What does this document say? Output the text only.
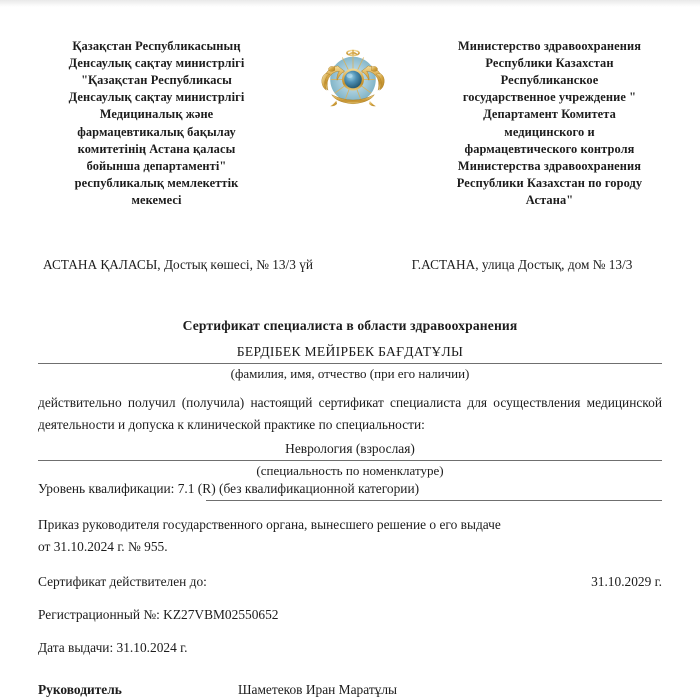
Қазақстан Республикасының
Денсаулық сақтау министрлігі
"Қазақстан Республикасы
Денсаулық сақтау министрлігі
Медициналық және
фармацевтикалық бақылау
комитетінің Астана қаласы
бойынша департаменті"
республикалық мемлекеттік
мекемесі
Министерство здравоохранения
Республики Казахстан
Республиканское
государственное учреждение "
Департамент Комитета
медицинского и
фармацевтического контроля
Министерства здравоохранения
Республики Казахстан по городу
Астана"
АСТАНА ҚАЛАСЫ, Достық көшесі, № 13/3 үй	Г.АСТАНА, улица Достық, дом № 13/3
Сертификат специалиста в области здравоохранения
БЕРДІБЕК МЕЙІРБЕК БАҒДАТҰЛЫ
(фамилия, имя, отчество (при его наличии)

действительно получил (получила) настоящий сертификат специалиста для осуществления медицинской деятельности и допуска к клинической практике по специальности:

Неврология (взрослая)
(специальность по номенклатуре)
Уровень квалификации: 7.1 (R) (без квалификационной категории)

Приказ руководителя государственного органа, вынесшего решение о его выдаче

от 31.10.2024 г. № 955.

Сертификат действителен до:	31.10.2029 г.
Регистрационный №: KZ27VBM02550652
Дата выдачи: 31.10.2024 г.
Руководитель	Шаметеков Иран Маратұлы
